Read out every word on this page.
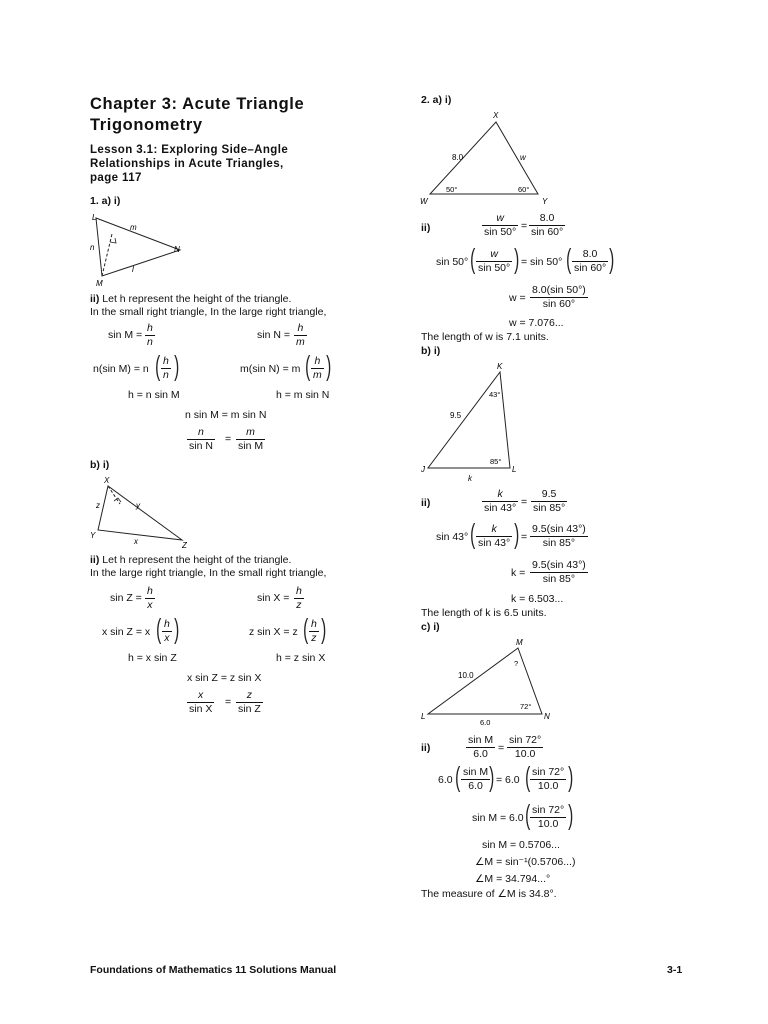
Chapter 3: Acute Triangle
Trigonometry
Lesson 3.1: Exploring Side–Angle
Relationships in Acute Triangles,
page 117
1. a) i)
L
M
N
m
n
l
ii) Let h represent the height of the triangle.
In the small right triangle, In the large right triangle,
$\sin M = \frac{h}{n}$	$\sin N = \frac{h}{m}$
n(sin M) = n ( $\frac{h}{n}$ )	m(sin N) = m ( $\frac{h}{m}$ )
h = n sin M	h = m sin N
n sin M = m sin N
$\frac{n}{\text{sin N}} = \frac{m}{\text{sin M}}$
b) i)
X
Y
Z
y
z
x
ii) Let h represent the height of the triangle.
In the large right triangle, In the small right triangle,
$\sin Z = \frac{h}{x}$	$\sin X = \frac{h}{z}$
x sin Z = x ( $\frac{h}{x}$ )	z sin X = z ( $\frac{h}{z}$ )
h = x sin Z	h = z sin X
x sin Z = z sin X
$\frac{x}{\text{sin X}} = \frac{z}{\text{sin Z}}$
2. a) i)
X
W	Y
8.0	w
50°	60°
ii)	$\frac{w}{\sin 50^\circ} = \frac{8.0}{\sin 60^\circ}$
sin 50° ( $\frac{w}{\sin 50^\circ}$ ) = sin 50° ( $\frac{8.0}{\sin 60^\circ}$ )
$w = \frac{8.0(\sin 50^\circ)}{\sin 60^\circ}$
w = 7.076...
The length of w is 7.1 units.
b) i)
K
J	L
9.5
k
43°
85°
ii)	$\frac{k}{\sin 43^\circ} = \frac{9.5}{\sin 85^\circ}$
sin 43° ( $\frac{k}{\sin 43^\circ}$ ) = $\frac{9.5(\sin 43^\circ)}{\sin 85^\circ}$
$k = \frac{9.5(\sin 43^\circ)}{\sin 85^\circ}$
k = 6.503...
The length of k is 6.5 units.
c) i)
M
L	N
10.0
6.0
?
72°
ii)	$\frac{\text{sin M}}{6.0} = \frac{\sin 72^\circ}{10.0}$
6.0 ( $\frac{\text{sin M}}{6.0}$ ) = 6.0 ( $\frac{\sin 72^\circ}{10.0}$ )
sin M = 6.0 ( $\frac{\sin 72^\circ}{10.0}$ )
sin M = 0.5706...
∠M = sin⁻¹(0.5706...)
∠M = 34.794...°
The measure of ∠M is 34.8°.
Foundations of Mathematics 11 Solutions Manual	3-1
